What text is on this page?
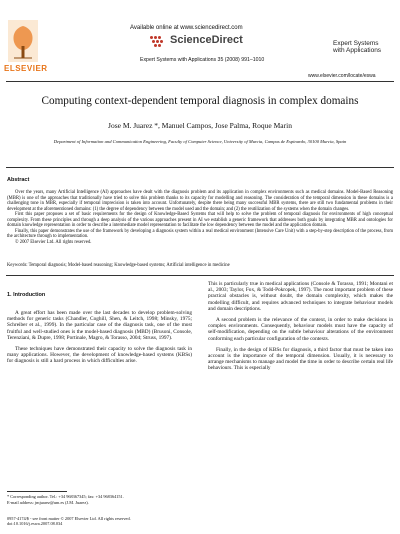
Available online at www.sciencedirect.com
ScienceDirect
Expert Systems with Applications 35 (2008) 991–1010
ELSEVIER
Expert Systems
with Applications
www.elsevier.com/locate/eswa
Computing context-dependent temporal diagnosis in complex domains
Jose M. Juarez *, Manuel Campos, Jose Palma, Roque Marin
Department of Information and Communication Engineering, Faculty of Computer Science, University of Murcia, Campus de Espinardo, 30100 Murcia, Spain
Abstract

Over the years, many Artificial Intelligence (AI) approaches have dealt with the diagnosis problem and its application in complex environments such as medical domains. Model-Based Reasoning (MBR) is one of the approaches that traditionally have tried to solve this problem thanks to its capacity for modelling and reasoning. The consideration of the temporal dimension in these domains is a challenging tone in MBR, especially if temporal imprecision is taken into account. Unfortunately, despite there being many successful MBR systems, there are still two fundamental problems in their development at the aforementioned domains: (1) the degree of dependency between the model used and the domain; and (2) the reutilization of the systems when the domain changes.

First this paper proposes a set of basic requirements for the design of Knowledge-Based Systems that will help to solve the problem of temporal diagnosis for environments of high conceptual complexity. From these principles and through a deep analysis of the various approaches present in AI we establish a generic framework that addresses both goals by integrating MBR and ontologies for domain knowledge representation in order to describe a intermediate model representation to facilitate the low dependency between the model and the application domain.

Finally, this paper demonstrates the use of the framework by developing a diagnosis system within a real medical environment (Intensive Care Unit) with a step-by-step description of the process, from the architecture through to implementation.

© 2007 Elsevier Ltd. All rights reserved.

Keywords: Temporal diagnosis; Model-based reasoning; Knowledge-based systems; Artificial intelligence in medicine
1. Introduction

A great effort has been made over the last decades to develop problem-solving methods for generic tasks (Chandler, Coghill, Shen, & Leitch, 1998; Minsky, 1975; Schreiber et al., 1999). In the particular case of the diagnosis task, one of the most fruitful and well-studied ones is the model-based diagnosis (MBD) (Brusoni, Console, Terenziani, & Dupre, 1998; Portinale, Magro, & Torasso, 2004; Struss, 1997).

These techniques have demonstrated their capacity to solve the diagnosis task in many applications. However, the development of knowledge-based systems (KBSs) for diagnosis is still a hard process in which difficulties arise.

This is particularly true in medical applications (Console & Torasso, 1991; Montani et al., 2003; Taylor, Fox, & Todd-Pokropek, 1997). The most important problem of these practical obstacles is, without doubt, the domain complexity, which makes the modelling difficult, and requires advanced techniques to integrate behaviour models and domain descriptions.

A second problem is the relevance of the context, in order to make decisions in complex environments. Consequently, behaviour models must have the capacity of self-modification, depending on the subtle behaviour alterations of the environment conforming each particular configuration of the contexts.

Finally, in the design of KBSs for diagnosis, a third factor that must be taken into account is the importance of the temporal dimension. Usually, it is necessary to arrange mechanisms to manage and model the time in order to describe certain real life behaviours. This is especially

* Corresponding author. Tel.: +34 968367345; fax: +34 968364151.
E-mail address: jmjuarez@um.es (J.M. Juarez).
0957-4174/$ - see front matter © 2007 Elsevier Ltd. All rights reserved.
doi:10.1016/j.eswa.2007.08.034
